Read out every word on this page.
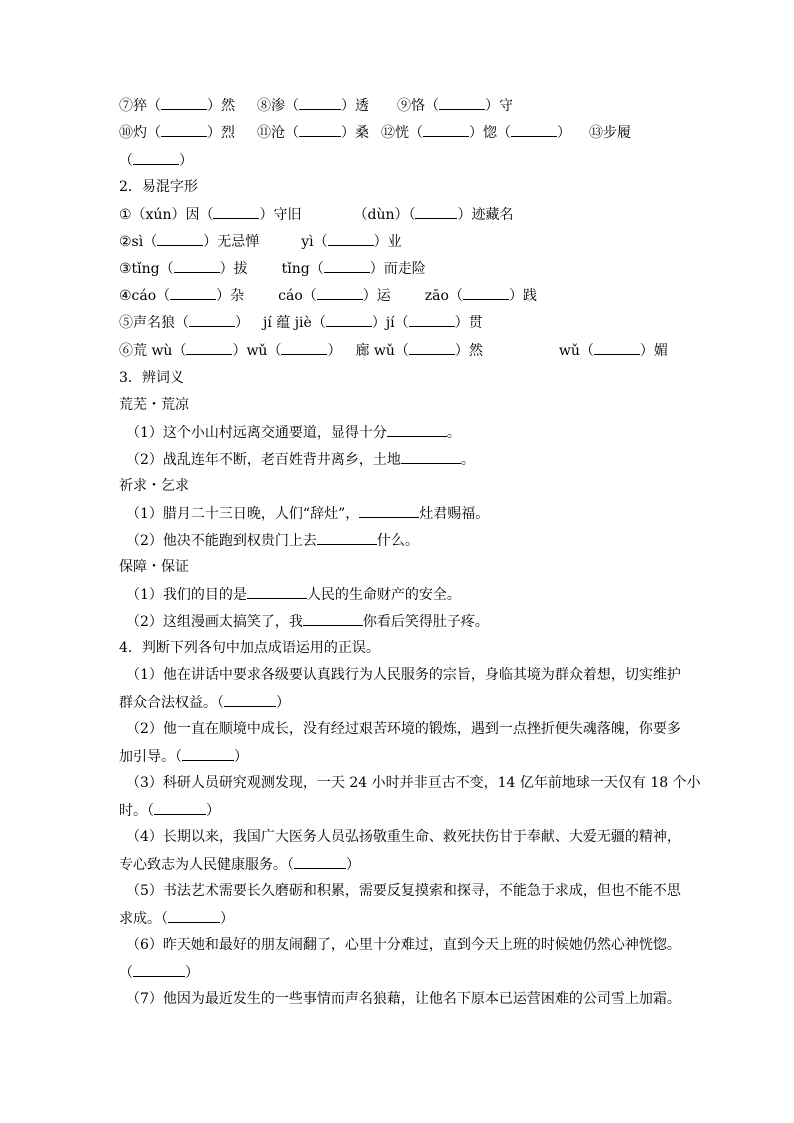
⑦猝（	）然 ⑧渗（	）透 ⑨恪（	）守
⑩灼（	）烈 ⑪沧（	）桑 ⑫恍（	）惚（	） ⑬步履
（	）
2．易混字形
①（xún）因（	）守旧	（dùn）（	）迹藏名
②sì（	）无忌惮	yì（	）业
③tǐng（	）拔 tǐng（	）而走险
④cáo（	）杂 cáo（	）运 zāo（	）践
⑤声名狼（	） jí 蕴 jiè（	）jí（	）贯
⑥荒 wù（	）wǔ（	） 廊 wǔ（	）然	wǔ（	）媚
3．辨词义
荒芜・荒凉
（1）这个小山村远离交通要道，显得十分	。
（2）战乱连年不断，老百姓背井离乡，土地	。
祈求・乞求
（1）腊月二十三日晚，人们“辞灶”，	灶君赐福。
（2）他决不能跑到权贵门上去	什么。
保障・保证
（1）我们的目的是	人民的生命财产的安全。
（2）这组漫画太搞笑了，我	你看后笑得肚子疼。
4．判断下列各句中加点成语运用的正误。
（1）他在讲话中要求各级要认真践行为人民服务的宗旨，身临其境为群众着想，切实维护
群众合法权益。（	）
（2）他一直在顺境中成长，没有经过艰苦环境的锻炼，遇到一点挫折便失魂落魄，你要多
加引导。（	）
（3）科研人员研究观测发现，一天 24 小时并非亘古不变，14 亿年前地球一天仅有 18 个小
时。（	）
（4）长期以来，我国广大医务人员弘扬敬重生命、救死扶伤甘于奉献、大爱无疆的精神，
专心致志为人民健康服务。（	）
（5）书法艺术需要长久磨砺和积累，需要反复摸索和探寻，不能急于求成，但也不能不思
求成。（	）
（6）昨天她和最好的朋友闹翻了，心里十分难过，直到今天上班的时候她仍然心神恍惚。
（	）
（7）他因为最近发生的一些事情而声名狼藉，让他名下原本已运营困难的公司雪上加霜。
